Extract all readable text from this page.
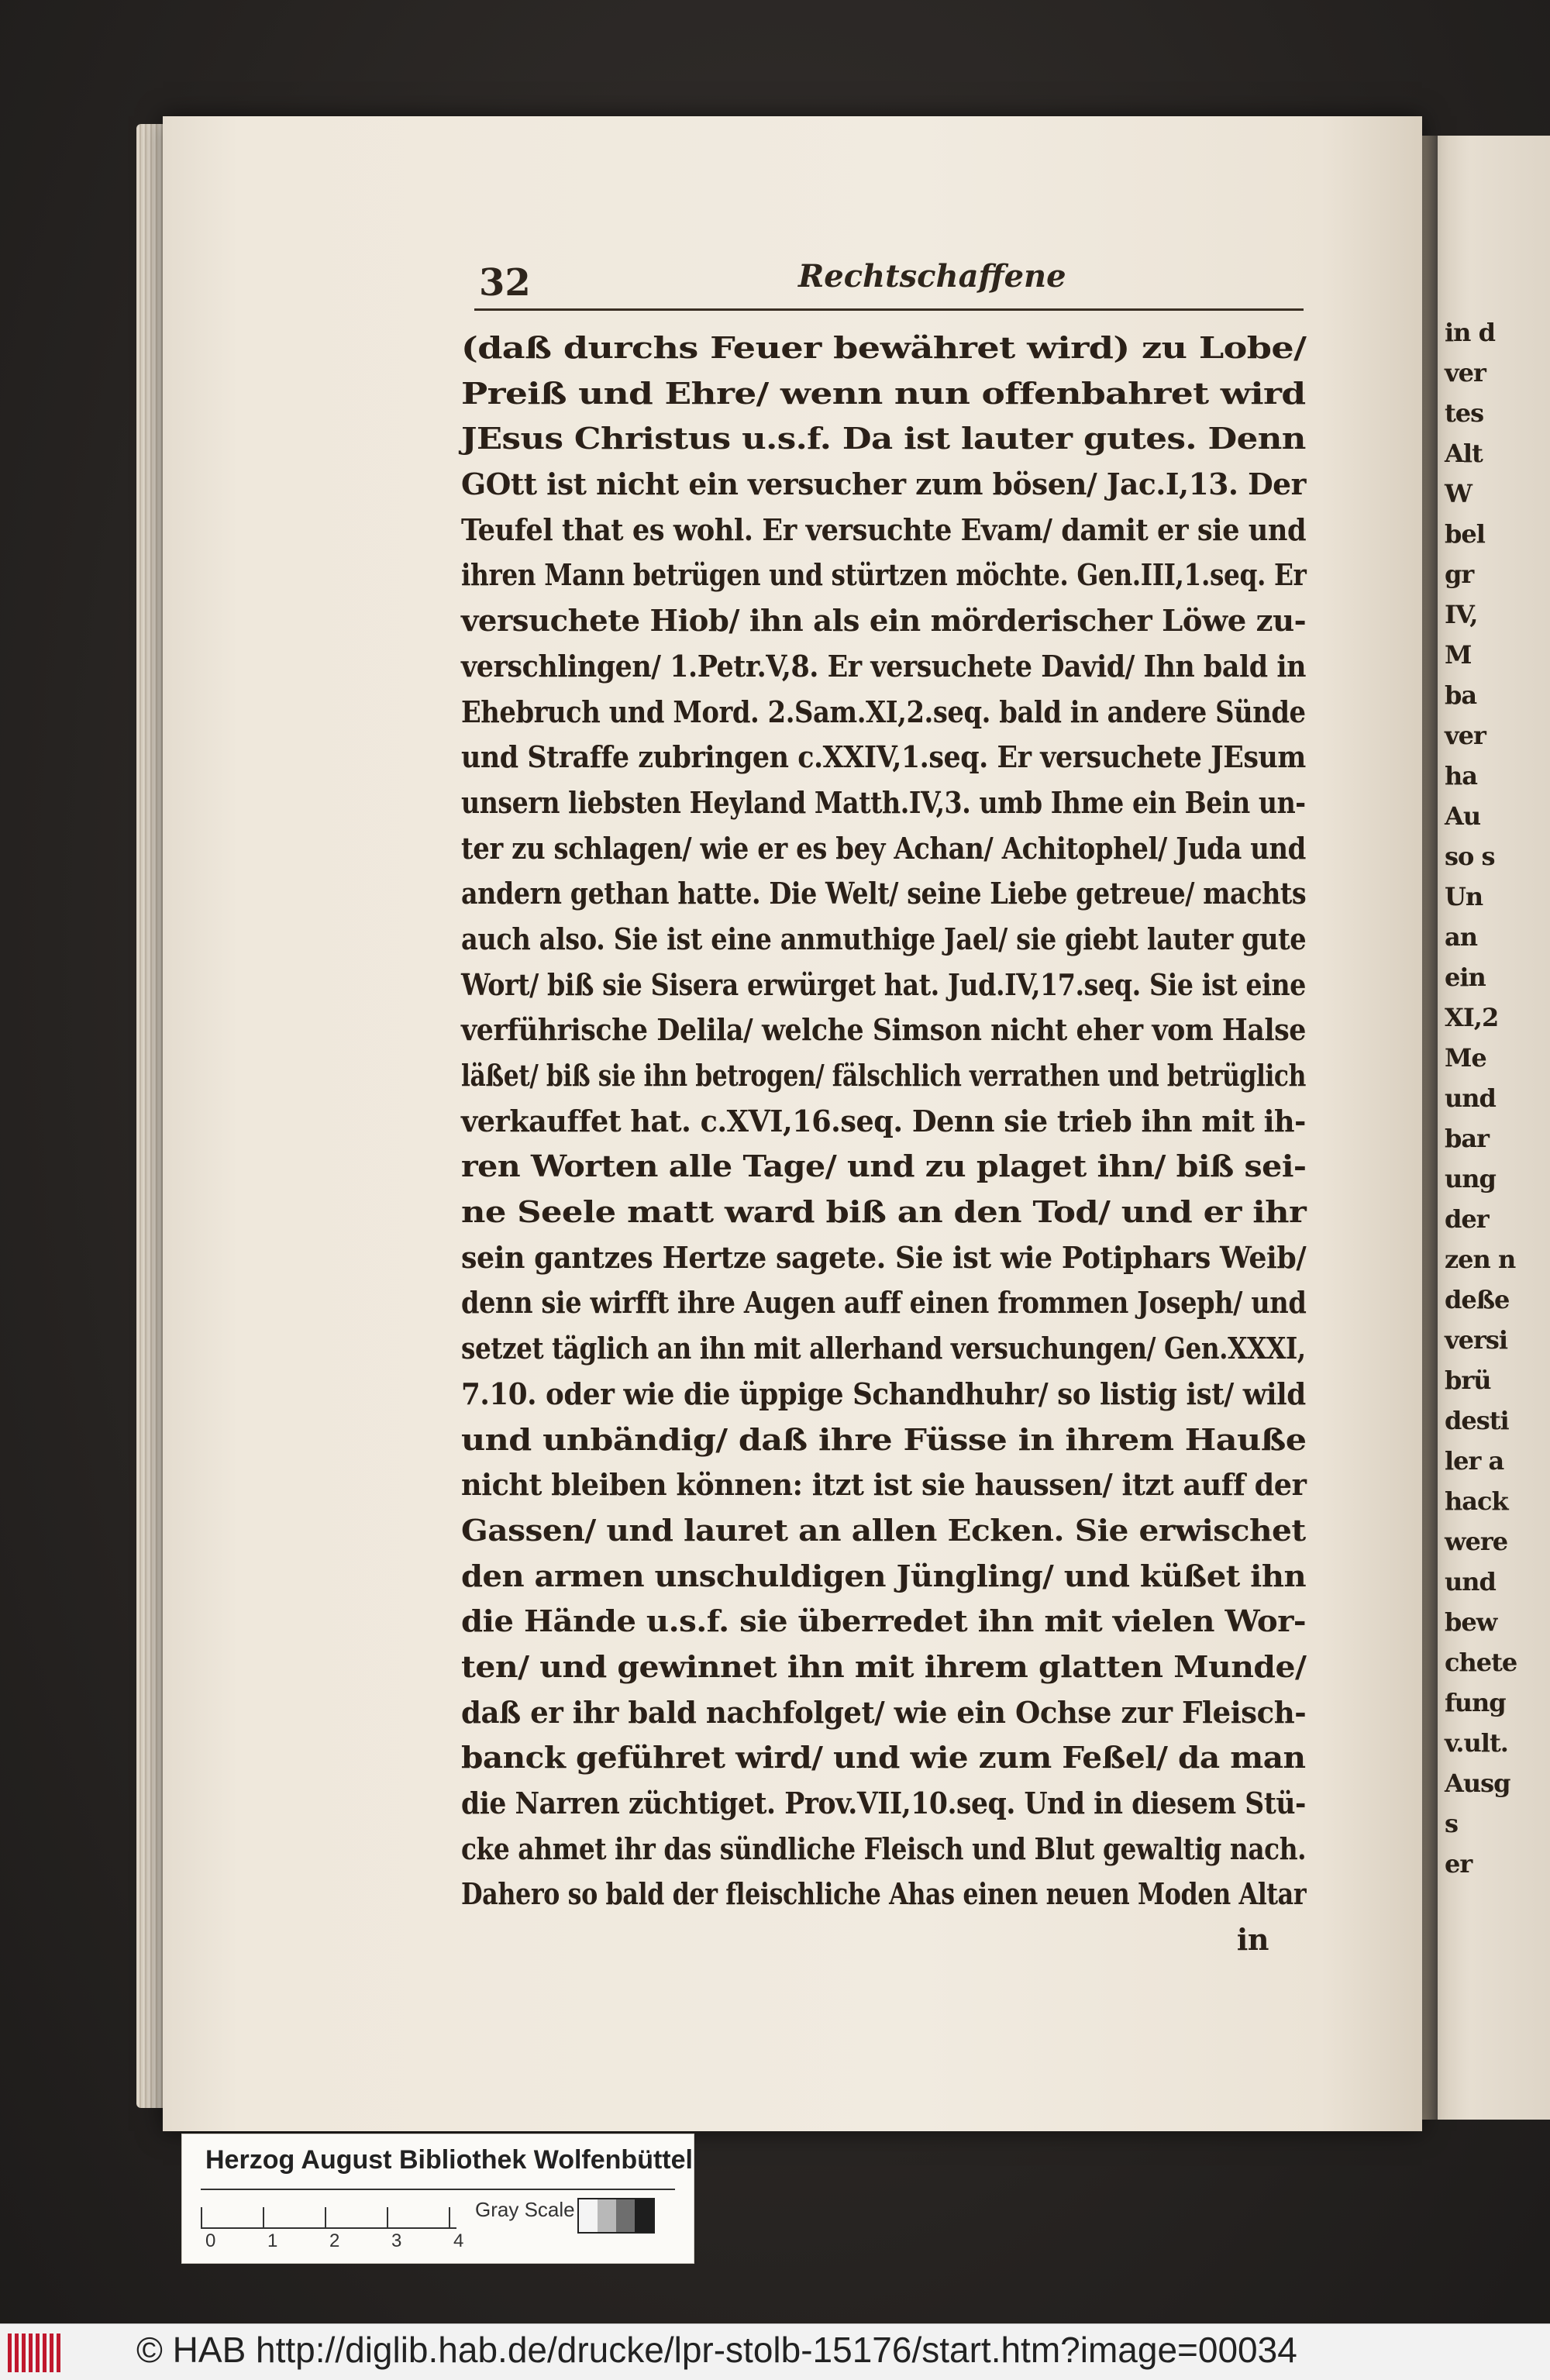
in d
ver
tes
Alt
W
bel
gr
IV,
M
ba
ver
ha
Au
so s
Un
an
ein
XI,2
Me
und
bar
ung
der
zen n
deße
versi
brü
desti
ler a
hack
were
und
bew
chete
fung
v.ult.
Ausg
s
er
32	Rechtschaffene
(daß durchs Feuer bewähret wird) zu Lobe/
Preiß und Ehre/ wenn nun offenbahret wird
JEsus Christus u.s.f. Da ist lauter gutes. Denn
GOtt ist nicht ein versucher zum bösen/ Jac.I,13. Der
Teufel that es wohl. Er versuchte Evam/ damit er sie und
ihren Mann betrügen und stürtzen möchte. Gen.III,1.seq. Er
versuchete Hiob/ ihn als ein mörderischer Löwe zu-
verschlingen/ 1.Petr.V,8. Er versuchete David/ Ihn bald in
Ehebruch und Mord. 2.Sam.XI,2.seq. bald in andere Sünde
und Straffe zubringen c.XXIV,1.seq. Er versuchete JEsum
unsern liebsten Heyland Matth.IV,3. umb Ihme ein Bein un-
ter zu schlagen/ wie er es bey Achan/ Achitophel/ Juda und
andern gethan hatte. Die Welt/ seine Liebe getreue/ machts
auch also. Sie ist eine anmuthige Jael/ sie giebt lauter gute
Wort/ biß sie Sisera erwürget hat. Jud.IV,17.seq. Sie ist eine
verführische Delila/ welche Simson nicht eher vom Halse
läßet/ biß sie ihn betrogen/ fälschlich verrathen und betrüglich
verkauffet hat. c.XVI,16.seq. Denn sie trieb ihn mit ih-
ren Worten alle Tage/ und zu plaget ihn/ biß sei-
ne Seele matt ward biß an den Tod/ und er ihr
sein gantzes Hertze sagete. Sie ist wie Potiphars Weib/
denn sie wirfft ihre Augen auff einen frommen Joseph/ und
setzet täglich an ihn mit allerhand versuchungen/ Gen.XXXI,
7.10. oder wie die üppige Schandhuhr/ so listig ist/ wild
und unbändig/ daß ihre Füsse in ihrem Hauße
nicht bleiben können: itzt ist sie haussen/ itzt auff der
Gassen/ und lauret an allen Ecken. Sie erwischet
den armen unschuldigen Jüngling/ und küßet ihn
die Hände u.s.f. sie überredet ihn mit vielen Wor-
ten/ und gewinnet ihn mit ihrem glatten Munde/
daß er ihr bald nachfolget/ wie ein Ochse zur Fleisch-
banck geführet wird/ und wie zum Feßel/ da man
die Narren züchtiget. Prov.VII,10.seq. Und in diesem Stü-
cke ahmet ihr das sündliche Fleisch und Blut gewaltig nach.
Dahero so bald der fleischliche Ahas einen neuen Moden Altar
in
Herzog August Bibliothek Wolfenbüttel
0	1	2	3	4
Gray Scale
© HAB http://diglib.hab.de/drucke/lpr-stolb-15176/start.htm?image=00034
